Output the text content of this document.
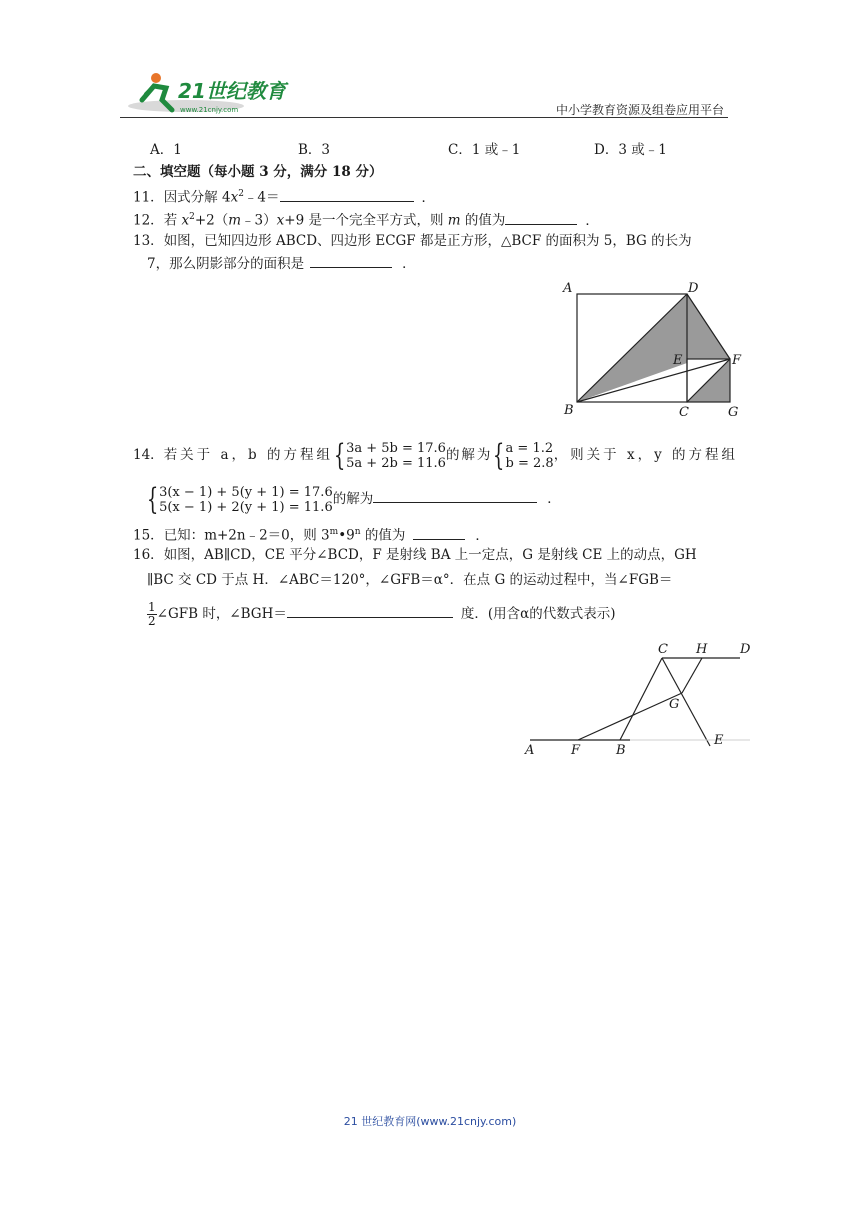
21世纪教育
www.21cnjy.com	中小学教育资源及组卷应用平台
A．1	B．3	C．1 或﹣1	D．3 或﹣1
二、填空题（每小题 3 分，满分 18 分）
11．因式分解 $4x^2﹣4=$	．
12．若 $x^2+2(m﹣3)x+9$ 是一个完全平方式，则 m 的值为	．
13．如图，已知四边形 ABCD、四边形 ECGF 都是正方形，△BCF 的面积为 5，BG 的长为
7，那么阴影部分的面积是	．
A	D
E	F
B	C	G
14．若关于 a，b 的方程组{3a + 5b = 17.6
5a + 2b = 11.6的解为{a = 1.2
b = 2.8，则关于 x，y 的方程组
{3(x − 1) + 5(y + 1) = 17.6
5(x − 1) + 2(y + 1) = 11.6的解为	．
15．已知：m+2n﹣2＝0，则 3$^m$•9$^n$ 的值为	．
16．如图，AB∥CD，CE 平分∠BCD，F 是射线 BA 上一定点，G 是射线 CE 上的动点，GH
∥BC 交 CD 于点 H．∠ABC＝120°，∠GFB＝α°．在点 G 的运动过程中，当∠FGB＝
$\frac{1}{2}$ ∠GFB 时，∠BGH＝	度．(用含α的代数式表示)
C H	D
G
A	F	B
E
21 世纪教育网(www.21cnjy.com)
